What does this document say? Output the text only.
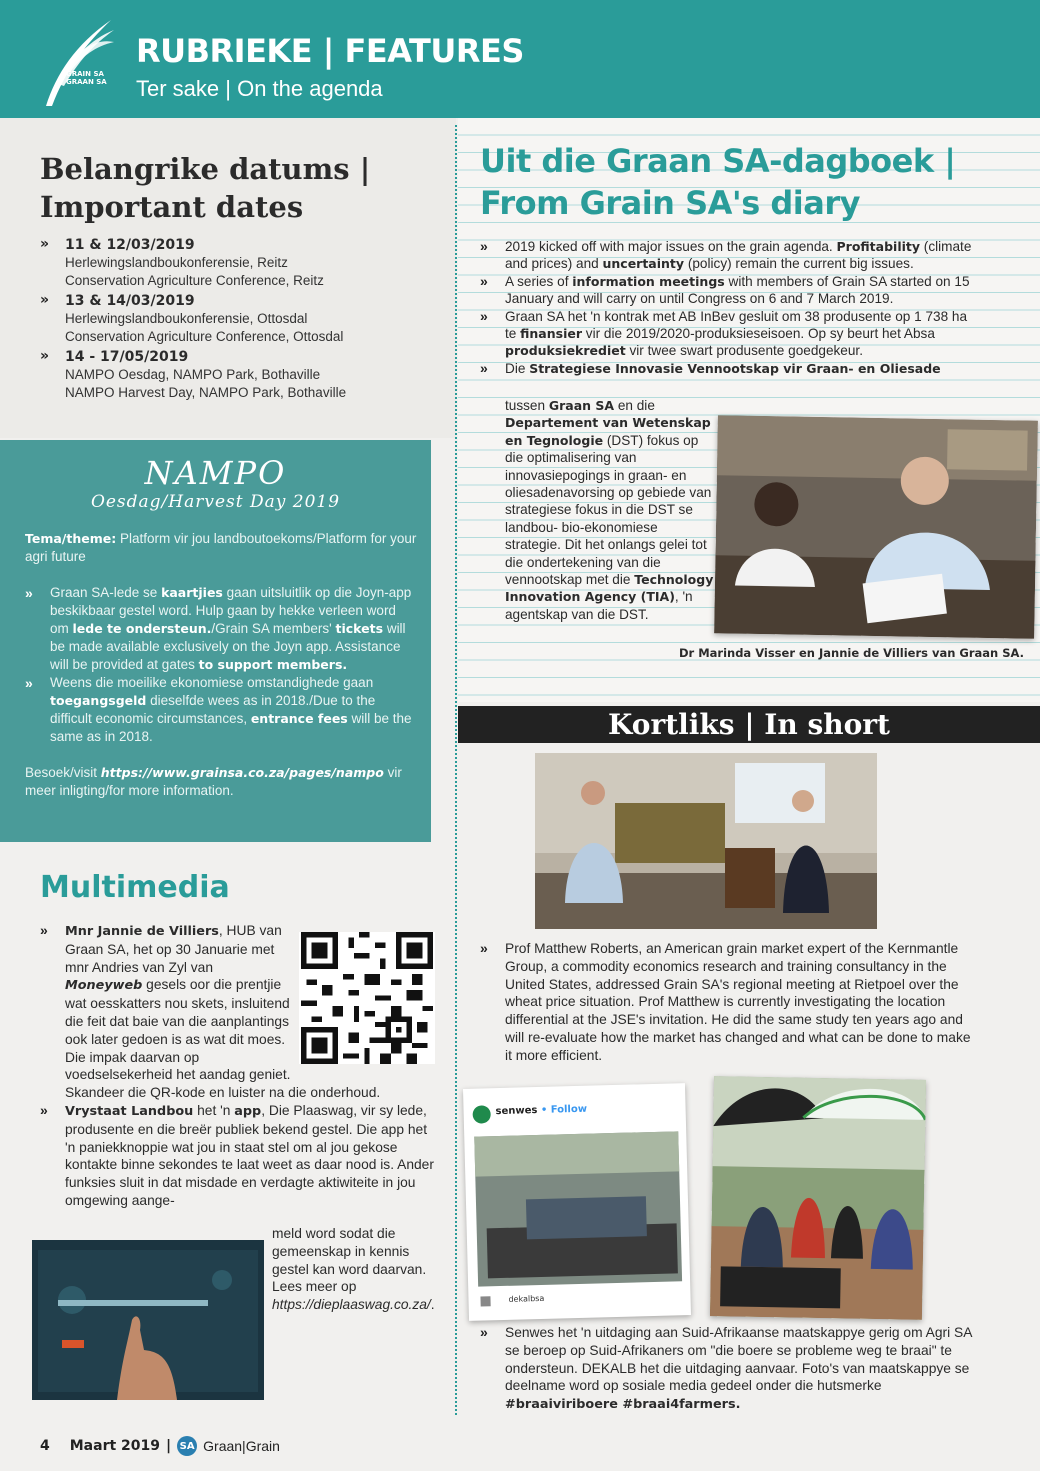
GRAIN SA
GRAAN SA
RUBRIEKE | FEATURES
Ter sake | On the agenda
Belangrike datums |
Important dates
» 11 & 12/03/2019
Herlewingslandboukonferensie, Reitz
Conservation Agriculture Conference, Reitz
» 13 & 14/03/2019
Herlewingslandboukonferensie, Ottosdal
Conservation Agriculture Conference, Ottosdal
» 14 - 17/05/2019
NAMPO Oesdag, NAMPO Park, Bothaville
NAMPO Harvest Day, NAMPO Park, Bothaville
NAMPO
Oesdag/Harvest Day 2019
Tema/theme: Platform vir jou landboutoekoms/Platform for your agri future
» Graan SA-lede se kaartjies gaan uitsluitlik op die Joyn-app beskikbaar gestel word. Hulp gaan by hekke verleen word om lede te ondersteun./Grain SA members' tickets will be made available exclusively on the Joyn app. Assistance will be provided at gates to support members.
» Weens die moeilike ekonomiese omstandighede gaan toegangsgeld dieselfde wees as in 2018./Due to the difficult economic circumstances, entrance fees will be the same as in 2018.
Besoek/visit https://www.grainsa.co.za/pages/nampo vir meer inligting/for more information.
Multimedia
» Mnr Jannie de Villiers, HUB van Graan SA, het op 30 Januarie met mnr Andries van Zyl van Moneyweb gesels oor die prentjie wat oesskatters nou skets, insluitend die feit dat baie van die aanplantings ook later gedoen is as wat dit moes. Die impak daarvan op voedselsekerheid het aandag geniet. Skandeer die QR-kode en luister na die onderhoud.
» Vrystaat Landbou het 'n app, Die Plaaswag, vir sy lede, produsente en die breër publiek bekend gestel. Die app het 'n paniekknoppie wat jou in staat stel om al jou gekose kontakte binne sekondes te laat weet as daar nood is. Ander funksies sluit in dat misdade en verdagte aktiwiteite in jou omgewing aange-
meld word sodat die gemeenskap in kennis gestel kan word daarvan. Lees meer op https://dieplaaswag.co.za/.
Uit die Graan SA-dagboek |
From Grain SA's diary
» 2019 kicked off with major issues on the grain agenda. Profitability (climate and prices) and uncertainty (policy) remain the current big issues.
» A series of information meetings with members of Grain SA started on 15 January and will carry on until Congress on 6 and 7 March 2019.
» Graan SA het 'n kontrak met AB InBev gesluit om 38 produsente op 1 738 ha te finansier vir die 2019/2020-produksieseisoen. Op sy beurt het Absa produksiekrediet vir twee swart produsente goedgekeur.
» Die Strategiese Innovasie Vennootskap vir Graan- en Oliesade
tussen Graan SA en die Departement van Wetenskap en Tegnologie (DST) fokus op die optimalisering van innovasiepogings in graan- en oliesadenavorsing op gebiede van strategiese fokus in die DST se landbou- bio-ekonomiese strategie. Dit het onlangs gelei tot die ondertekening van die vennootskap met die Technology Innovation Agency (TIA), 'n agentskap van die DST.
Dr Marinda Visser en Jannie de Villiers van Graan SA.
Kortliks | In short
» Prof Matthew Roberts, an American grain market expert of the Kernmantle Group, a commodity economics research and training consultancy in the United States, addressed Grain SA's regional meeting at Rietpoel over the wheat price situation. Prof Matthew is currently investigating the location differential at the JSE's invitation. He did the same study ten years ago and will re-evaluate how the market has changed and what can be done to make it more efficient.
senwes • Follow
dekalbsa
» Senwes het 'n uitdaging aan Suid-Afrikaanse maatskappye gerig om Agri SA se beroep op Suid-Afrikaners om "die boere se probleme weg te braai" te ondersteun. DEKALB het die uitdaging aanvaar. Foto's van maatskappye se deelname word op sosiale media gedeel onder die hutsmerke #braaiviriboere #braai4farmers.
4 Maart 2019 | SA Graan|Grain
